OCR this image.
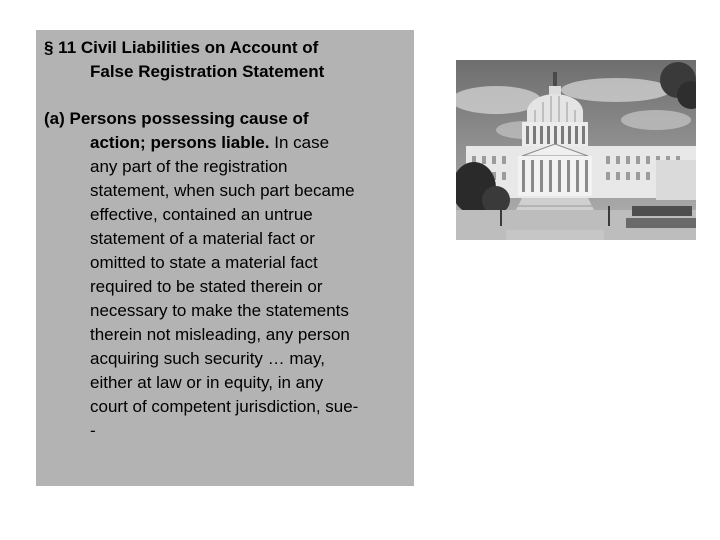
§ 11 Civil Liabilities on Account of
False Registration Statement
(a) Persons possessing cause of
action; persons liable. In case
any part of the registration
statement, when such part became
effective, contained an untrue
statement of a material fact or
omitted to state a material fact
required to be stated therein or
necessary to make the statements
therein not misleading, any person
acquiring such security … may,
either at law or in equity, in any
court of competent jurisdiction, sue-
-
